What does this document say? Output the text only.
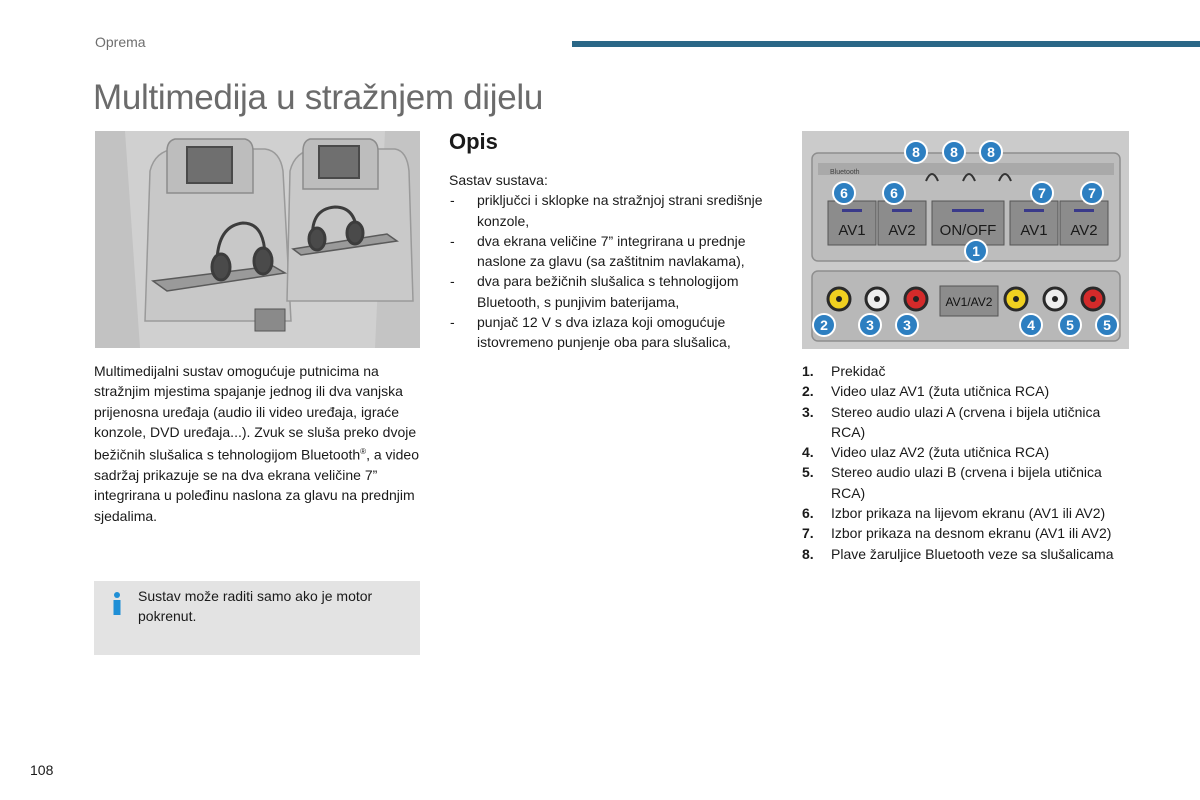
Oprema
Multimedija u stražnjem dijelu
Multimedijalni sustav omogućuje putnicima na stražnjim mjestima spajanje jednog ili dva vanjska prijenosna uređaja (audio ili video uređaja, igraće konzole, DVD uređaja...). Zvuk se sluša preko dvoje bežičnih slušalica s tehnologijom Bluetooth®, a video sadržaj prikazuje se na dva ekrana veličine 7” integrirana u poleđinu naslona za glavu na prednjim sjedalima.
Sustav može raditi samo ako je motor pokrenut.
Opis
Sastav sustava:
- priključci i sklopke na stražnjoj strani središnje konzole,
- dva ekrana veličine 7” integrirana u prednje naslone za glavu (sa zaštitnim navlakama),
- dva para bežičnih slušalica s tehnologijom Bluetooth, s punjivim baterijama,
- punjač 12 V s dva izlaza koji omogućuje istovremeno punjenje oba para slušalica,
Bluetooth
AV1 AV2 ON/OFF AV1 AV2
AV1/AV2
8 8 8
6	6	7	7
1
2	3 3	4 5 5
1. Prekidač
2. Video ulaz AV1 (žuta utičnica RCA)
3. Stereo audio ulazi A (crvena i bijela utičnica RCA)
4. Video ulaz AV2 (žuta utičnica RCA)
5. Stereo audio ulazi B (crvena i bijela utičnica RCA)
6. Izbor prikaza na lijevom ekranu (AV1 ili AV2)
7. Izbor prikaza na desnom ekranu (AV1 ili AV2)
8. Plave žaruljice Bluetooth veze sa slušalicama
108
